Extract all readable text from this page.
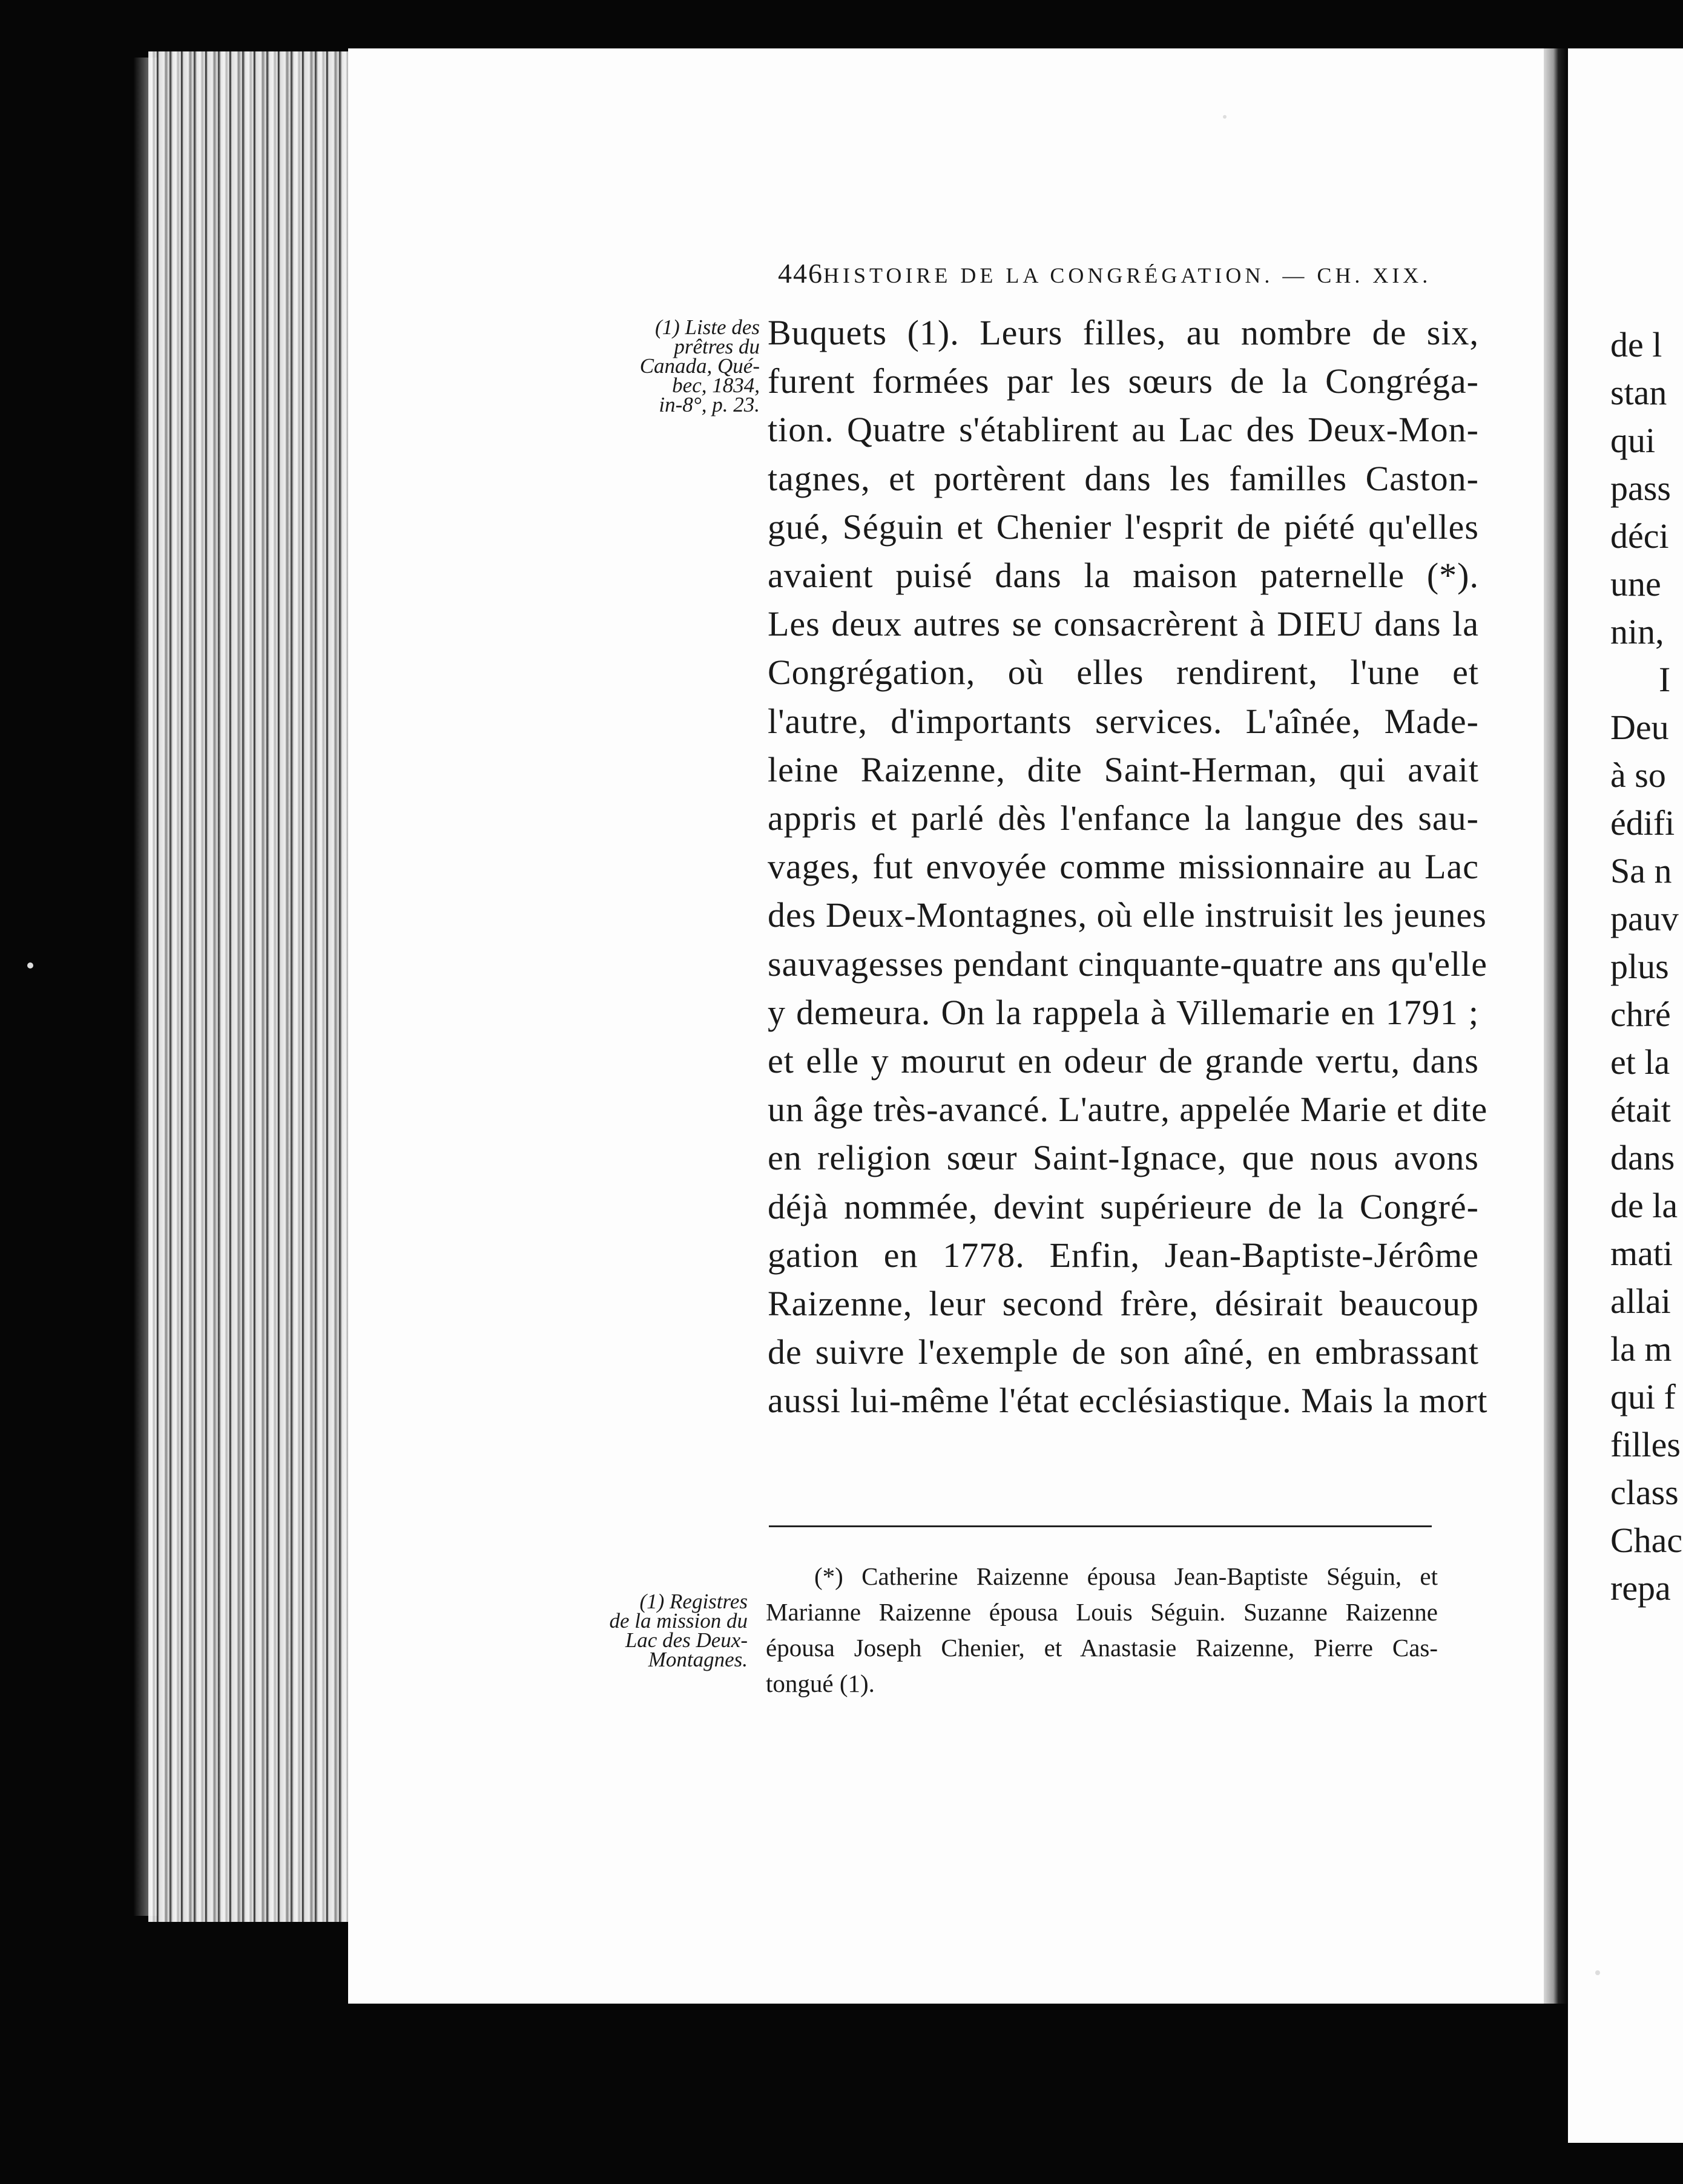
de l
stan
qui
pass
déci
une
nin,
I
Deu
à so
édifi
Sa n
pauv
plus
chré
et la
était
dans
de la
mati
allai
la m
qui f
filles
class
Chac
repa
446 HISTOIRE DE LA CONGRÉGATION. — CH. XIX.
(1) Liste des
prêtres du
Canada, Qué-
bec, 1834,
in-8°, p. 23.
Buquets (1). Leurs filles, au nombre de six,
furent formées par les sœurs de la Congréga-
tion. Quatre s'établirent au Lac des Deux-Mon-
tagnes, et portèrent dans les familles Caston-
gué, Séguin et Chenier l'esprit de piété qu'elles
avaient puisé dans la maison paternelle (*).
Les deux autres se consacrèrent à DIEU dans la
Congrégation, où elles rendirent, l'une et
l'autre, d'importants services. L'aînée, Made-
leine Raizenne, dite Saint-Herman, qui avait
appris et parlé dès l'enfance la langue des sau-
vages, fut envoyée comme missionnaire au Lac
des Deux-Montagnes, où elle instruisit les jeunes
sauvagesses pendant cinquante-quatre ans qu'elle
y demeura. On la rappela à Villemarie en 1791 ;
et elle y mourut en odeur de grande vertu, dans
un âge très-avancé. L'autre, appelée Marie et dite
en religion sœur Saint-Ignace, que nous avons
déjà nommée, devint supérieure de la Congré-
gation en 1778. Enfin, Jean-Baptiste-Jérôme
Raizenne, leur second frère, désirait beaucoup
de suivre l'exemple de son aîné, en embrassant
aussi lui-même l'état ecclésiastique. Mais la mort
(1) Registres
de la mission du
Lac des Deux-
Montagnes.
(*) Catherine Raizenne épousa Jean-Baptiste Séguin, et
Marianne Raizenne épousa Louis Séguin. Suzanne Raizenne
épousa Joseph Chenier, et Anastasie Raizenne, Pierre Cas-
tongué (1).
